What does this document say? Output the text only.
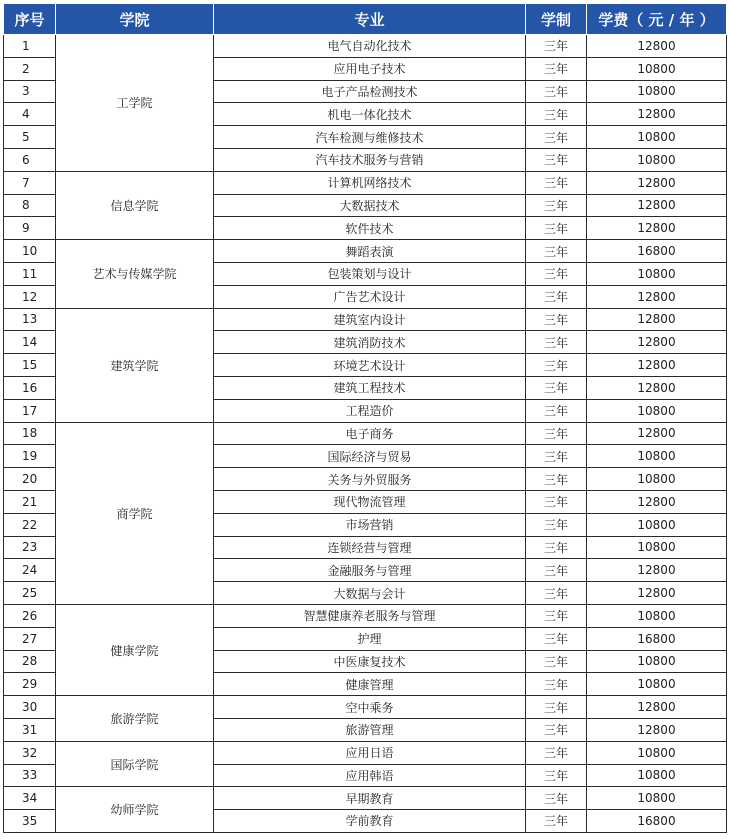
序号	学院	专业	学制	学费（ 元 / 年 ）
1	工学院	电气自动化技术	三年	12800
2		应用电子技术	三年	10800
3		电子产品检测技术	三年	10800
4		机电一体化技术	三年	12800
5		汽车检测与维修技术	三年	10800
6		汽车技术服务与营销	三年	10800
7	信息学院	计算机网络技术	三年	12800
8		大数据技术	三年	12800
9		软件技术	三年	12800
10	艺术与传媒学院	舞蹈表演	三年	16800
11		包装策划与设计	三年	10800
12		广告艺术设计	三年	12800
13	建筑学院	建筑室内设计	三年	12800
14		建筑消防技术	三年	12800
15		环境艺术设计	三年	12800
16		建筑工程技术	三年	12800
17		工程造价	三年	10800
18	商学院	电子商务	三年	12800
19		国际经济与贸易	三年	10800
20		关务与外贸服务	三年	10800
21		现代物流管理	三年	12800
22		市场营销	三年	10800
23		连锁经营与管理	三年	10800
24		金融服务与管理	三年	12800
25		大数据与会计	三年	12800
26	健康学院	智慧健康养老服务与管理	三年	10800
27		护理	三年	16800
28		中医康复技术	三年	10800
29		健康管理	三年	10800
30	旅游学院	空中乘务	三年	12800
31		旅游管理	三年	12800
32	国际学院	应用日语	三年	10800
33		应用韩语	三年	10800
34	幼师学院	早期教育	三年	10800
35		学前教育	三年	16800
